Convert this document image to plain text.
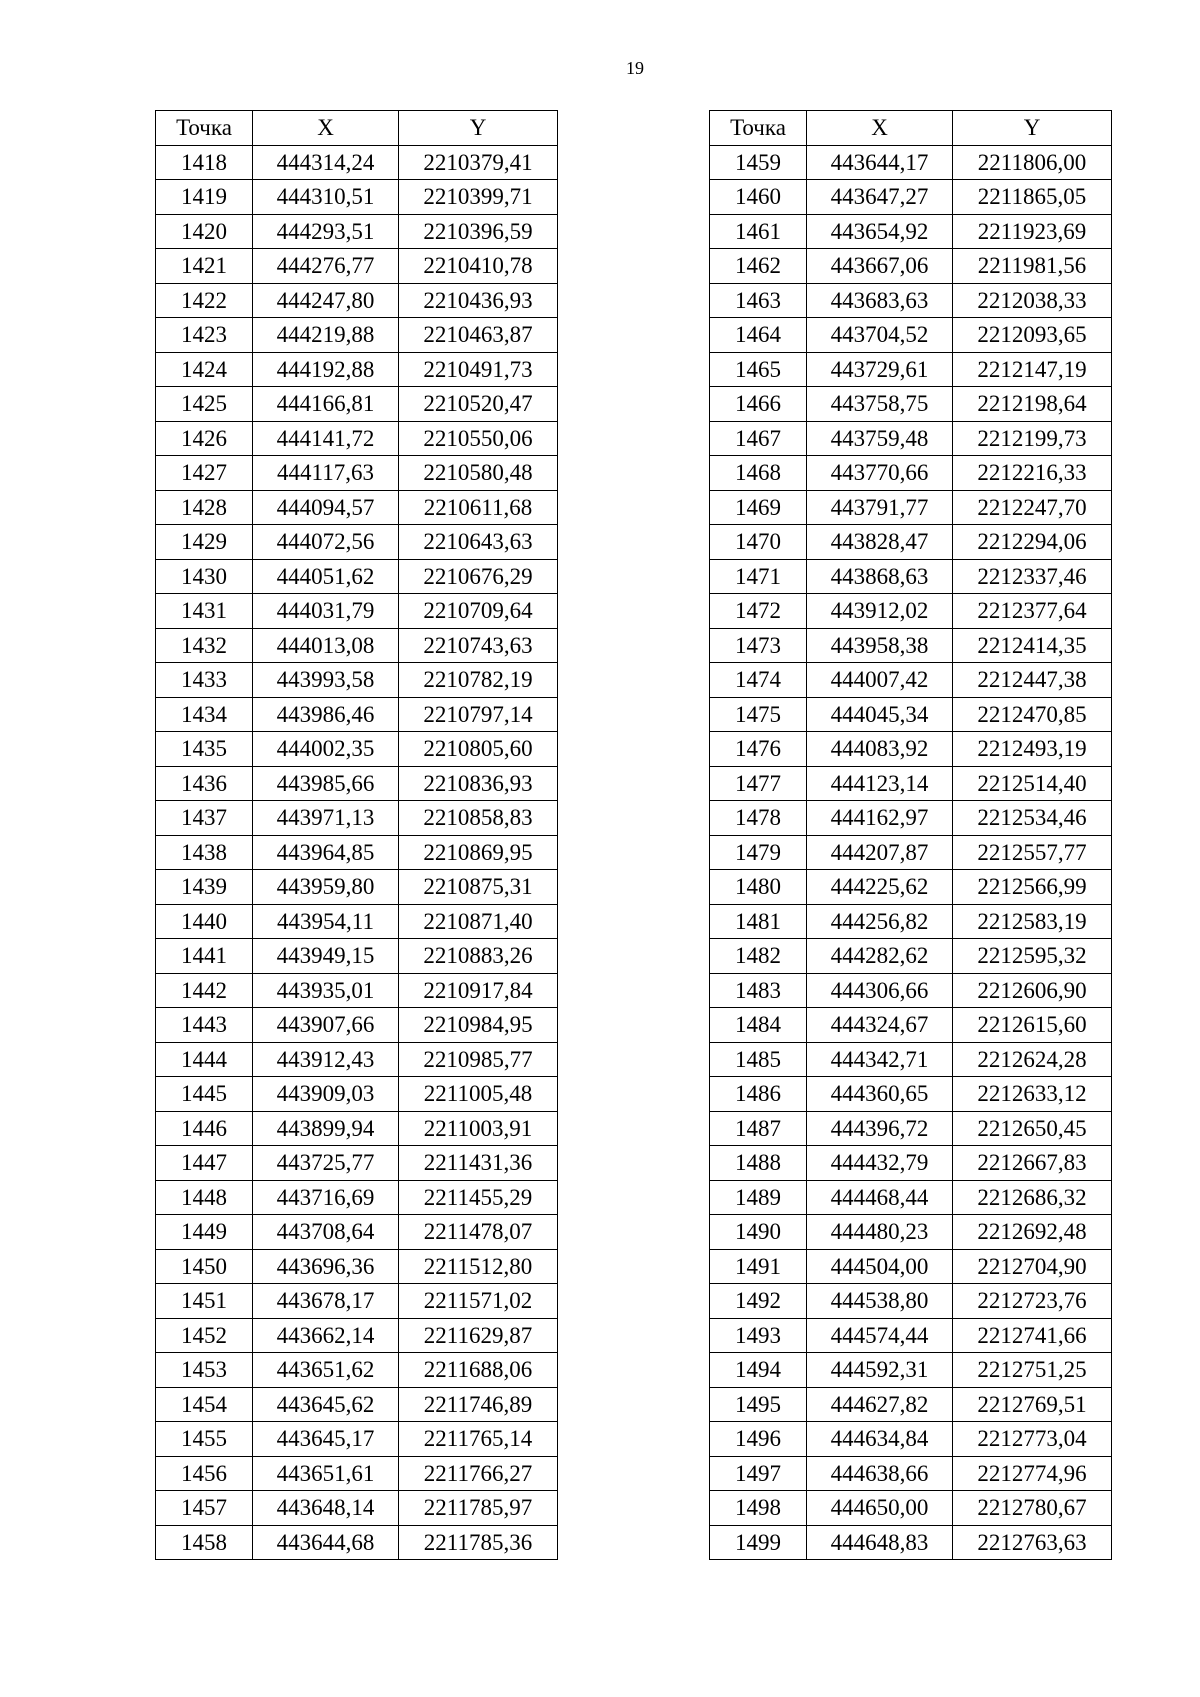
19
Точка	X	Y
1418	444314,24	2210379,41
1419	444310,51	2210399,71
1420	444293,51	2210396,59
1421	444276,77	2210410,78
1422	444247,80	2210436,93
1423	444219,88	2210463,87
1424	444192,88	2210491,73
1425	444166,81	2210520,47
1426	444141,72	2210550,06
1427	444117,63	2210580,48
1428	444094,57	2210611,68
1429	444072,56	2210643,63
1430	444051,62	2210676,29
1431	444031,79	2210709,64
1432	444013,08	2210743,63
1433	443993,58	2210782,19
1434	443986,46	2210797,14
1435	444002,35	2210805,60
1436	443985,66	2210836,93
1437	443971,13	2210858,83
1438	443964,85	2210869,95
1439	443959,80	2210875,31
1440	443954,11	2210871,40
1441	443949,15	2210883,26
1442	443935,01	2210917,84
1443	443907,66	2210984,95
1444	443912,43	2210985,77
1445	443909,03	2211005,48
1446	443899,94	2211003,91
1447	443725,77	2211431,36
1448	443716,69	2211455,29
1449	443708,64	2211478,07
1450	443696,36	2211512,80
1451	443678,17	2211571,02
1452	443662,14	2211629,87
1453	443651,62	2211688,06
1454	443645,62	2211746,89
1455	443645,17	2211765,14
1456	443651,61	2211766,27
1457	443648,14	2211785,97
1458	443644,68	2211785,36
Точка	X	Y
1459	443644,17	2211806,00
1460	443647,27	2211865,05
1461	443654,92	2211923,69
1462	443667,06	2211981,56
1463	443683,63	2212038,33
1464	443704,52	2212093,65
1465	443729,61	2212147,19
1466	443758,75	2212198,64
1467	443759,48	2212199,73
1468	443770,66	2212216,33
1469	443791,77	2212247,70
1470	443828,47	2212294,06
1471	443868,63	2212337,46
1472	443912,02	2212377,64
1473	443958,38	2212414,35
1474	444007,42	2212447,38
1475	444045,34	2212470,85
1476	444083,92	2212493,19
1477	444123,14	2212514,40
1478	444162,97	2212534,46
1479	444207,87	2212557,77
1480	444225,62	2212566,99
1481	444256,82	2212583,19
1482	444282,62	2212595,32
1483	444306,66	2212606,90
1484	444324,67	2212615,60
1485	444342,71	2212624,28
1486	444360,65	2212633,12
1487	444396,72	2212650,45
1488	444432,79	2212667,83
1489	444468,44	2212686,32
1490	444480,23	2212692,48
1491	444504,00	2212704,90
1492	444538,80	2212723,76
1493	444574,44	2212741,66
1494	444592,31	2212751,25
1495	444627,82	2212769,51
1496	444634,84	2212773,04
1497	444638,66	2212774,96
1498	444650,00	2212780,67
1499	444648,83	2212763,63
